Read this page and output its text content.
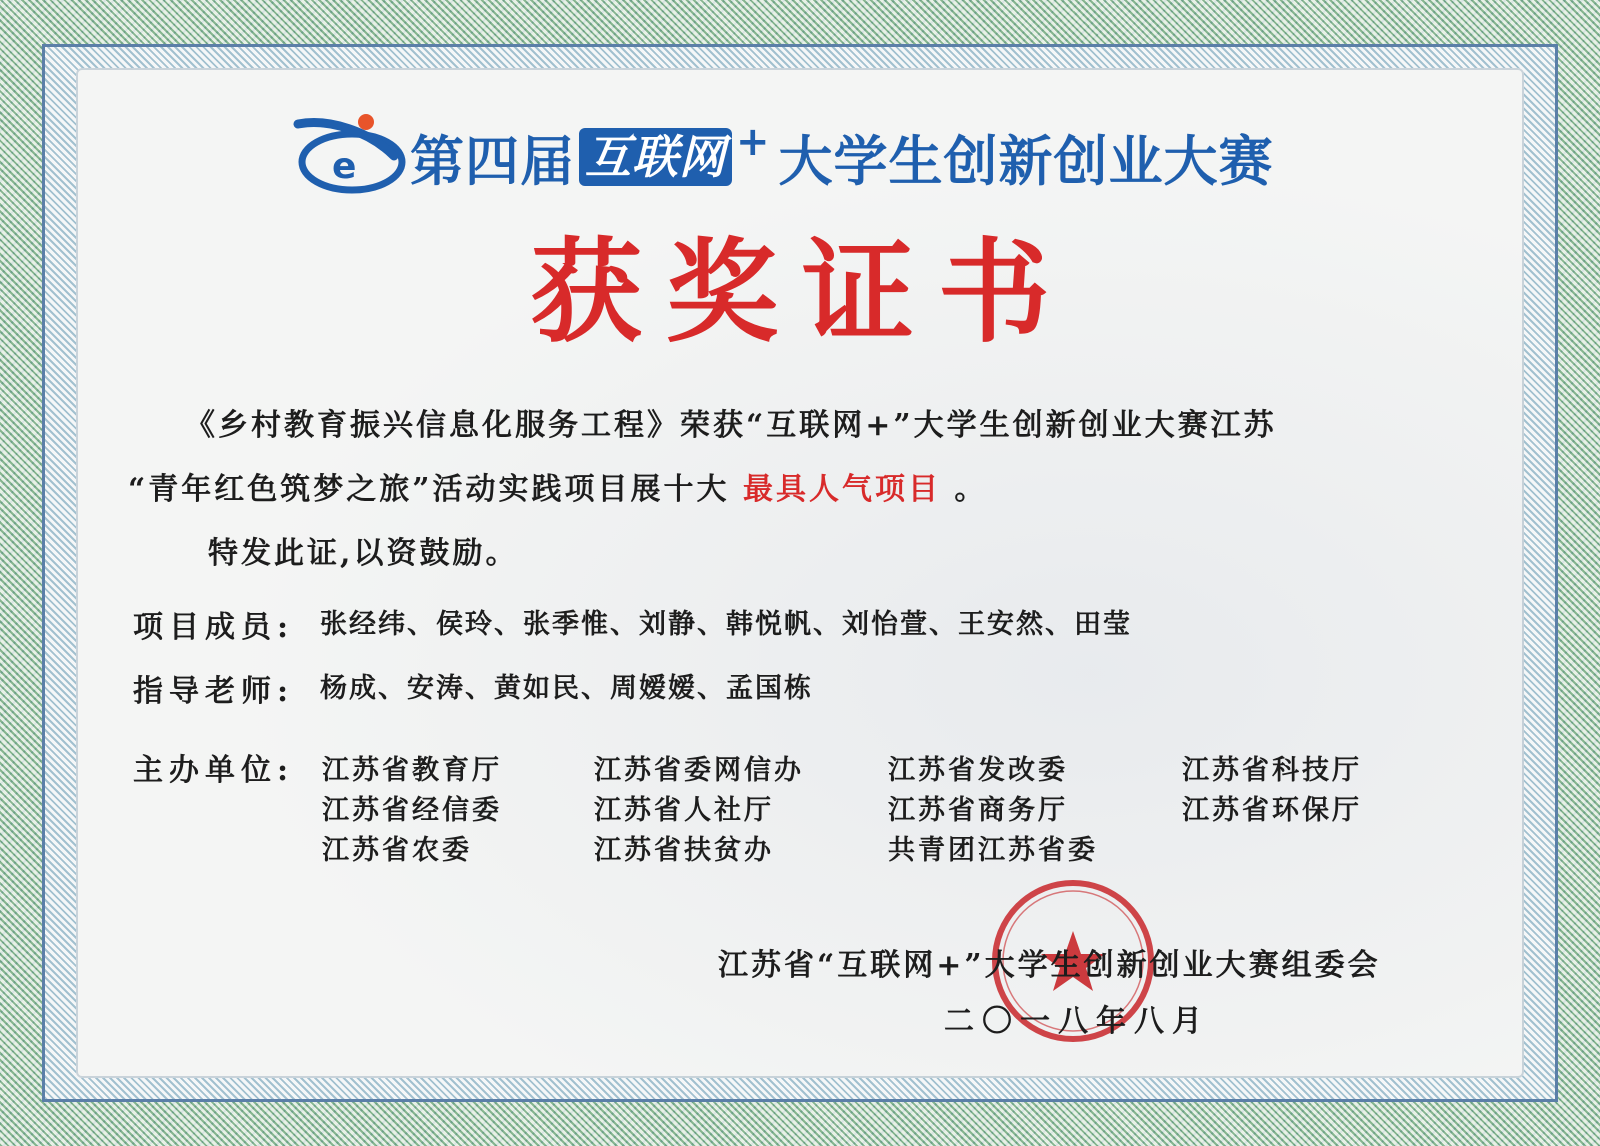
e 第四届 互联网 + 大学生创新创业大赛
获奖证书
《乡村教育振兴信息化服务工程》荣获“互联网+”大学生创新创业大赛江苏
“青年红色筑梦之旅”活动实践项目展十大 最具人气项目 。
特发此证,以资鼓励。
项目成员: 张经纬、侯玲、张季惟、刘静、韩悦帆、刘怡萱、王安然、田莹
指导老师: 杨成、安涛、黄如民、周嫒嫒、孟国栋
主办单位: 江苏省教育厅	江苏省委网信办	江苏省发改委	江苏省科技厅
江苏省经信委	江苏省人社厅	江苏省商务厅	江苏省环保厅
江苏省农委	江苏省扶贫办	共青团江苏省委
江苏省“互联网+”大学生创新创业大赛组委会
二〇一八年八月
